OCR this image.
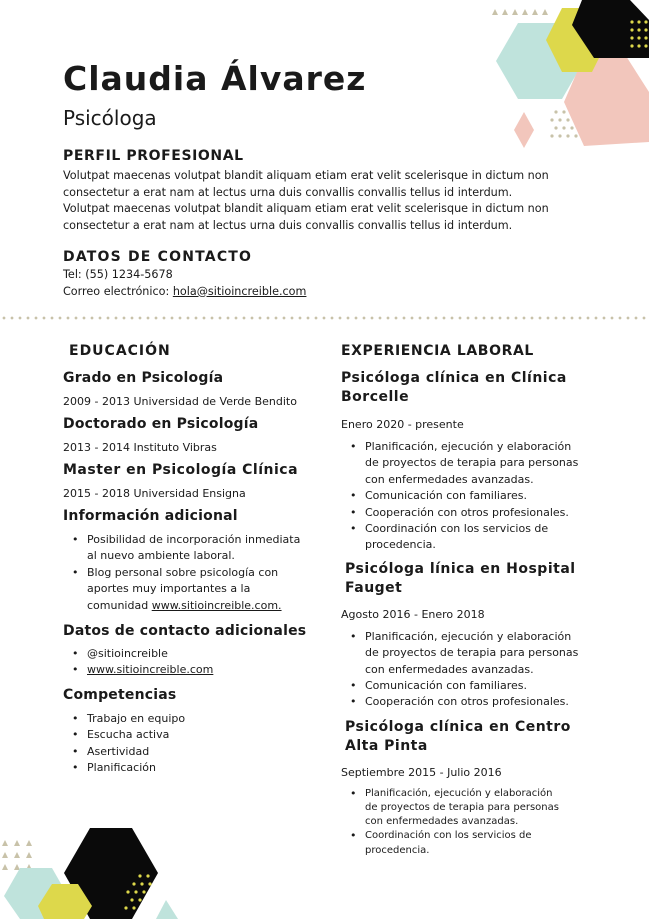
Claudia Álvarez
Psicóloga
PERFIL PROFESIONAL
Volutpat maecenas volutpat blandit aliquam etiam erat velit scelerisque in dictum non consectetur a erat nam at lectus urna duis convallis convallis tellus id interdum.
Volutpat maecenas volutpat blandit aliquam etiam erat velit scelerisque in dictum non consectetur a erat nam at lectus urna duis convallis convallis tellus id interdum.
DATOS DE CONTACTO
Tel: (55) 1234-5678
Correo electrónico: hola@sitioincreible.com
EDUCACIÓN
Grado en Psicología
2009 - 2013 Universidad de Verde Bendito
Doctorado en Psicología
2013 - 2014 Instituto Vibras
Master en Psicología Clínica
2015 - 2018 Universidad Ensigna
Información adicional
• Posibilidad de incorporación inmediata al nuevo ambiente laboral.
• Blog personal sobre psicología con aportes muy importantes a la comunidad www.sitioincreible.com.
Datos de contacto adicionales
• @sitioincreible
• www.sitioincreible.com
Competencias
• Trabajo en equipo
• Escucha activa
• Asertividad
• Planificación
EXPERIENCIA LABORAL
Psicóloga clínica en Clínica Borcelle
Enero 2020 - presente
• Planificación, ejecución y elaboración de proyectos de terapia para personas con enfermedades avanzadas.
• Comunicación con familiares.
• Cooperación con otros profesionales.
• Coordinación con los servicios de procedencia.
Psicóloga línica en Hospital Fauget
Agosto 2016 - Enero 2018
• Planificación, ejecución y elaboración de proyectos de terapia para personas con enfermedades avanzadas.
• Comunicación con familiares.
• Cooperación con otros profesionales.
Psicóloga clínica en Centro Alta Pinta
Septiembre 2015 - Julio 2016
• Planificación, ejecución y elaboración de proyectos de terapia para personas con enfermedades avanzadas.
• Coordinación con los servicios de procedencia.
